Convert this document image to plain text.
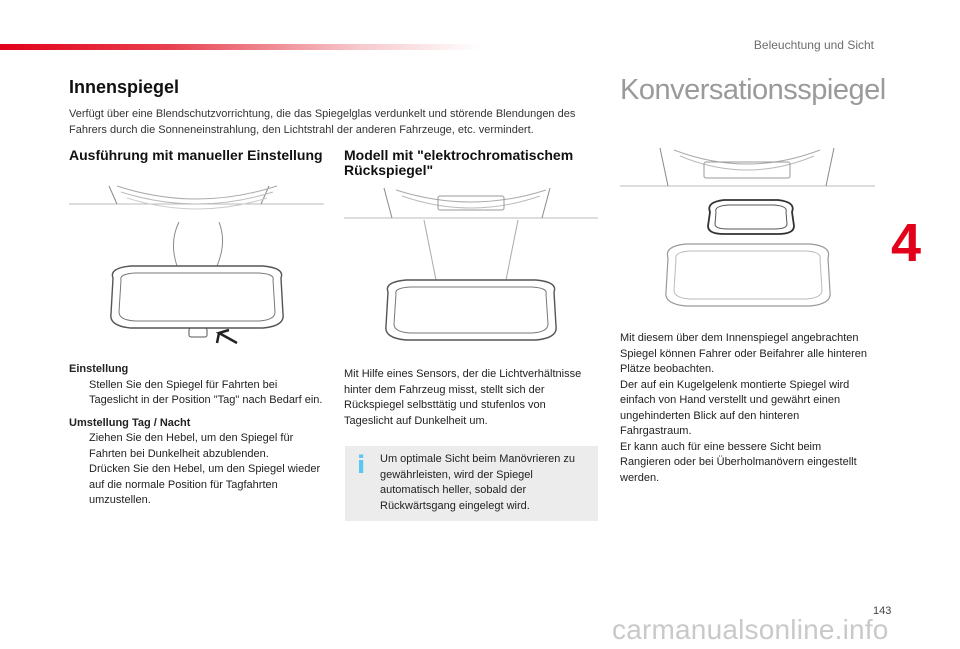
Beleuchtung und Sicht
4
Innenspiegel

Verfügt über eine Blendschutzvorrichtung, die das Spiegelglas verdunkelt und störende Blendungen des Fahrers durch die Sonneneinstrahlung, den Lichtstrahl der anderen Fahrzeuge, etc. vermindert.

Ausführung mit manueller Einstellung
Einstellung
Stellen Sie den Spiegel für Fahrten bei Tageslicht in der Position "Tag" nach Bedarf ein.
Umstellung Tag / Nacht
Ziehen Sie den Hebel, um den Spiegel für Fahrten bei Dunkelheit abzublenden.
Drücken Sie den Hebel, um den Spiegel wieder auf die normale Position für Tagfahrten umzustellen.
Modell mit "elektrochromatischem
Rückspiegel"

Mit Hilfe eines Sensors, der die Lichtverhältnisse hinter dem Fahrzeug misst, stellt sich der Rückspiegel selbsttätig und stufenlos von Tageslicht auf Dunkelheit um.

i	Um optimale Sicht beim Manövrieren zu gewährleisten, wird der Spiegel automatisch heller, sobald der Rückwärtsgang eingelegt wird.

Konversationsspiegel
Mit diesem über dem Innenspiegel angebrachten Spiegel können Fahrer oder Beifahrer alle hinteren Plätze beobachten.
Der auf ein Kugelgelenk montierte Spiegel wird einfach von Hand verstellt und gewährt einen ungehinderten Blick auf den hinteren Fahrgastraum.
Er kann auch für eine bessere Sicht beim Rangieren oder bei Überholmanövern eingestellt werden.
143
carmanualsonline.info
